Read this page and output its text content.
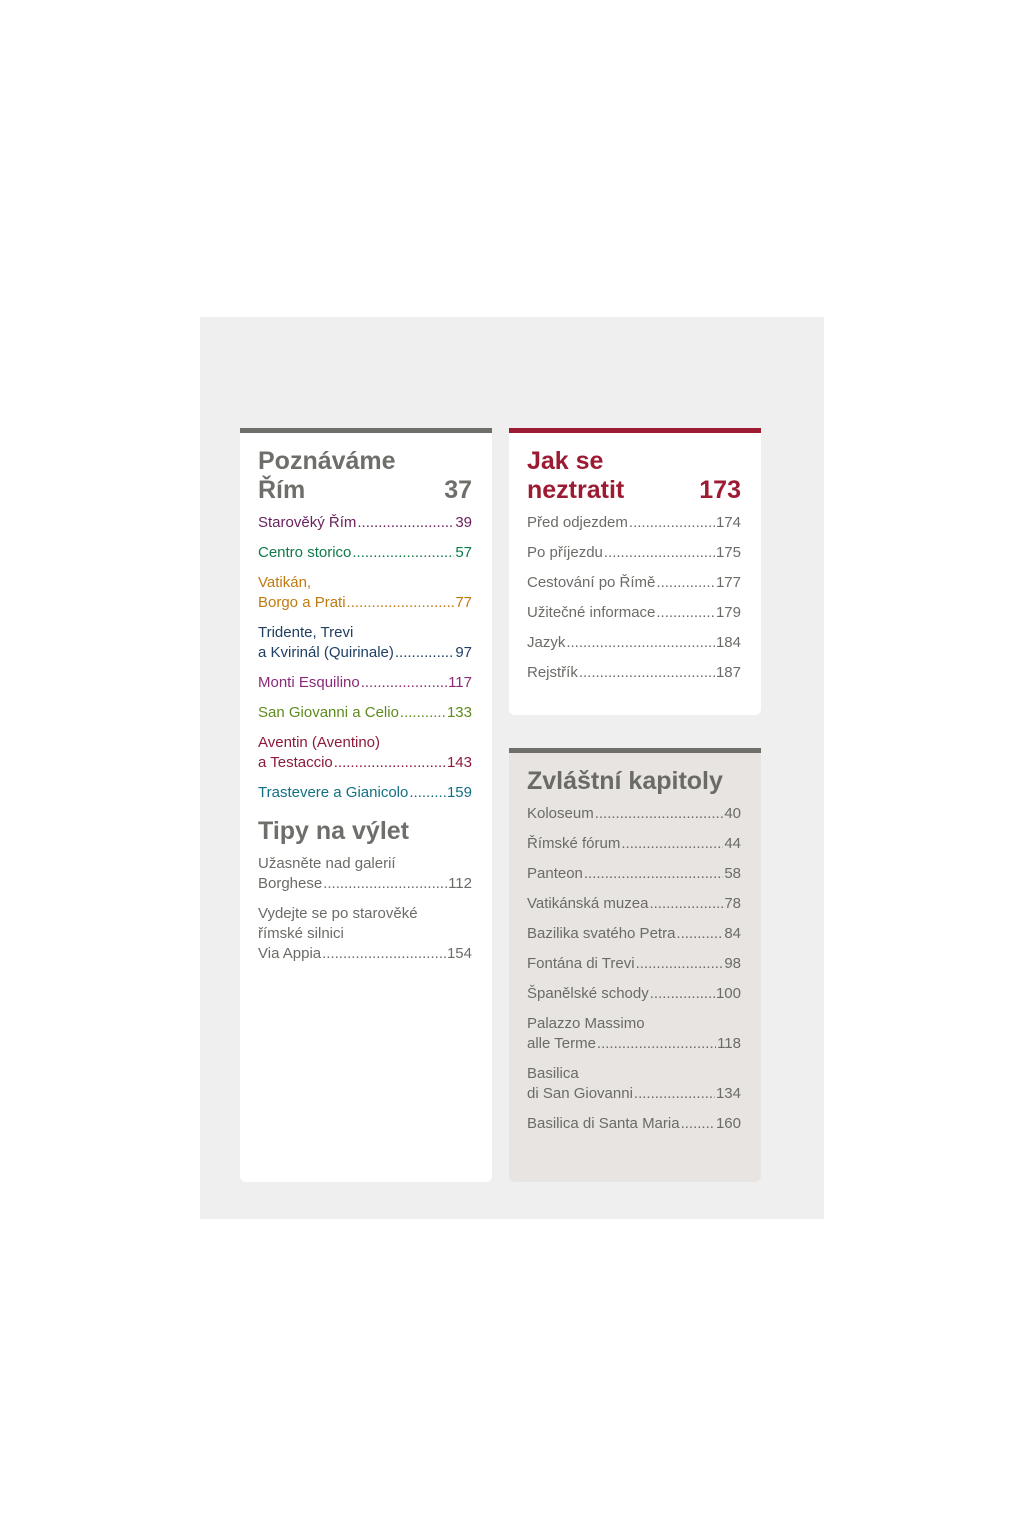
Poznáváme
Řím	37
Starověký Řím .....	39
Centro storico .....	57
Vatikán,
Borgo a Prati .....	77
Tridente, Trevi
a Kvirinál (Quirinale) .....	97
Monti Esquilino .....	117
San Giovanni a Celio .....	133
Aventin (Aventino)
a Testaccio .....	143
Trastevere a Gianicolo .....	159
Tipy na výlet
Užasněte nad galerií
Borghese .....	112
Vydejte se po starověké
římské silnici
Via Appia .....	154
Jak se
neztratit	173
Před odjezdem .....	174
Po příjezdu .....	175
Cestování po Římě .....	177
Užitečné informace .....	179
Jazyk .....	184
Rejstřík .....	187
Zvláštní kapitoly
Koloseum .....	40
Římské fórum .....	44
Panteon .....	58
Vatikánská muzea .....	78
Bazilika svatého Petra .....	84
Fontána di Trevi .....	98
Španělské schody .....	100
Palazzo Massimo
alle Terme .....	118
Basilica
di San Giovanni .....	134
Basilica di Santa Maria ..... 160
